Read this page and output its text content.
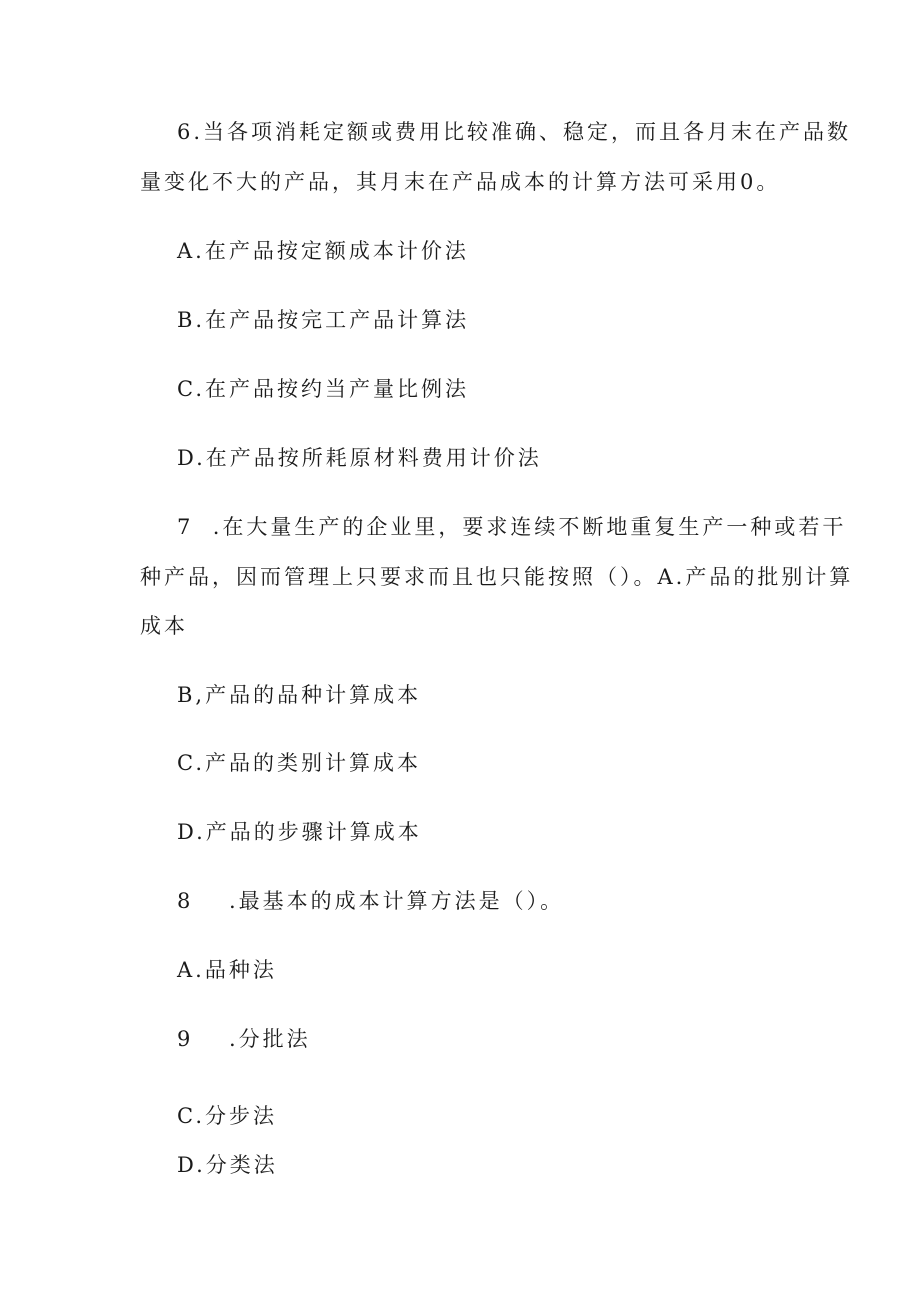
6.当各项消耗定额或费用比较准确、稳定，而且各月末在产品数
量变化不大的产品，其月末在产品成本的计算方法可采用0。
A.在产品按定额成本计价法
B.在产品按完工产品计算法
C.在产品按约当产量比例法
D.在产品按所耗原材料费用计价法
7  .在大量生产的企业里，要求连续不断地重复生产一种或若干
种产品，因而管理上只要求而且也只能按照（）。A.产品的批别计算
成本
B,产品的品种计算成本
C.产品的类别计算成本
D.产品的步骤计算成本
8 .最基本的成本计算方法是（）。
A.品种法
9 .分批法
C.分步法
D.分类法
